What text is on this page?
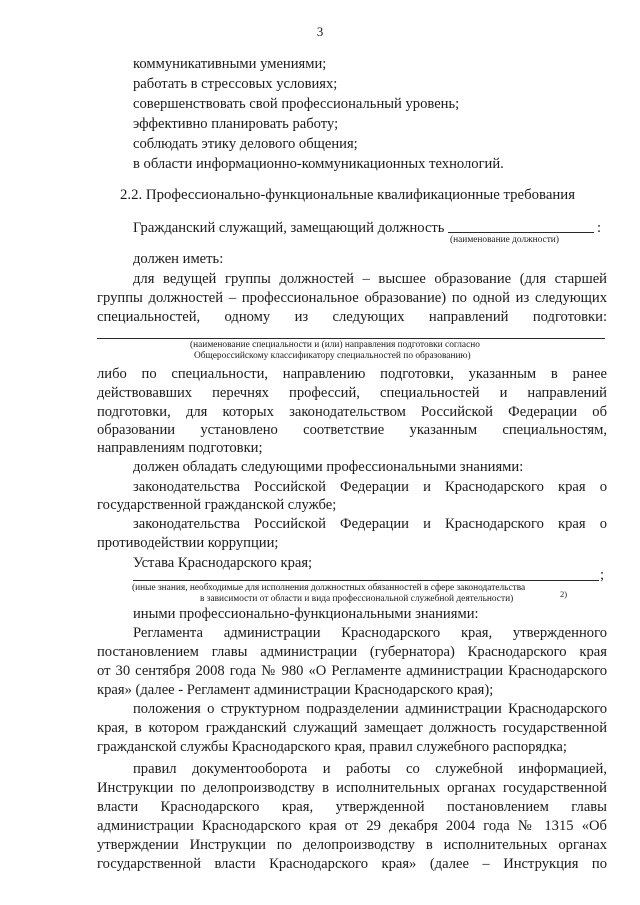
3
коммуникативными умениями;
работать в стрессовых условиях;
совершенствовать свой профессиональный уровень;
эффективно планировать работу;
соблюдать этику делового общения;
в области информационно-коммуникационных технологий.
2.2. Профессионально-функциональные квалификационные требования
Гражданский служащий, замещающий должность	:
(наименование должности)
должен иметь:
для ведущей группы должностей – высшее образование (для старшей
группы должностей – профессиональное образование) по одной из следующих
специальностей, одному из следующих направлений подготовки:
(наименование специальности и (или) направления подготовки согласно
Общероссийскому классификатору специальностей по образованию)
либо по специальности, направлению подготовки, указанным в ранее
действовавших перечнях профессий, специальностей и направлений
подготовки, для которых законодательством Российской Федерации об
образовании установлено соответствие указанным специальностям,
направлениям подготовки;
должен обладать следующими профессиональными знаниями:
законодательства Российской Федерации и Краснодарского края о
государственной гражданской службе;
законодательства Российской Федерации и Краснодарского края о
противодействии коррупции;
Устава Краснодарского края;
;
(иные знания, необходимые для исполнения должностных обязанностей в сфере законодательства
в зависимости от области и вида профессиональной служебной деятельности)	2)
иными профессионально-функциональными знаниями:
Регламента администрации Краснодарского края, утвержденного
постановлением главы администрации (губернатора) Краснодарского края
от 30 сентября 2008 года № 980 «О Регламенте администрации Краснодарского
края» (далее - Регламент администрации Краснодарского края);
положения о структурном подразделении администрации Краснодарского
края, в котором гражданский служащий замещает должность государственной
гражданской службы Краснодарского края, правил служебного распорядка;
правил документооборота и работы со служебной информацией,
Инструкции по делопроизводству в исполнительных органах государственной
власти Краснодарского края, утвержденной постановлением главы
администрации Краснодарского края от 29 декабря 2004 года № 1315 «Об
утверждении Инструкции по делопроизводству в исполнительных органах
государственной власти Краснодарского края» (далее – Инструкция по
